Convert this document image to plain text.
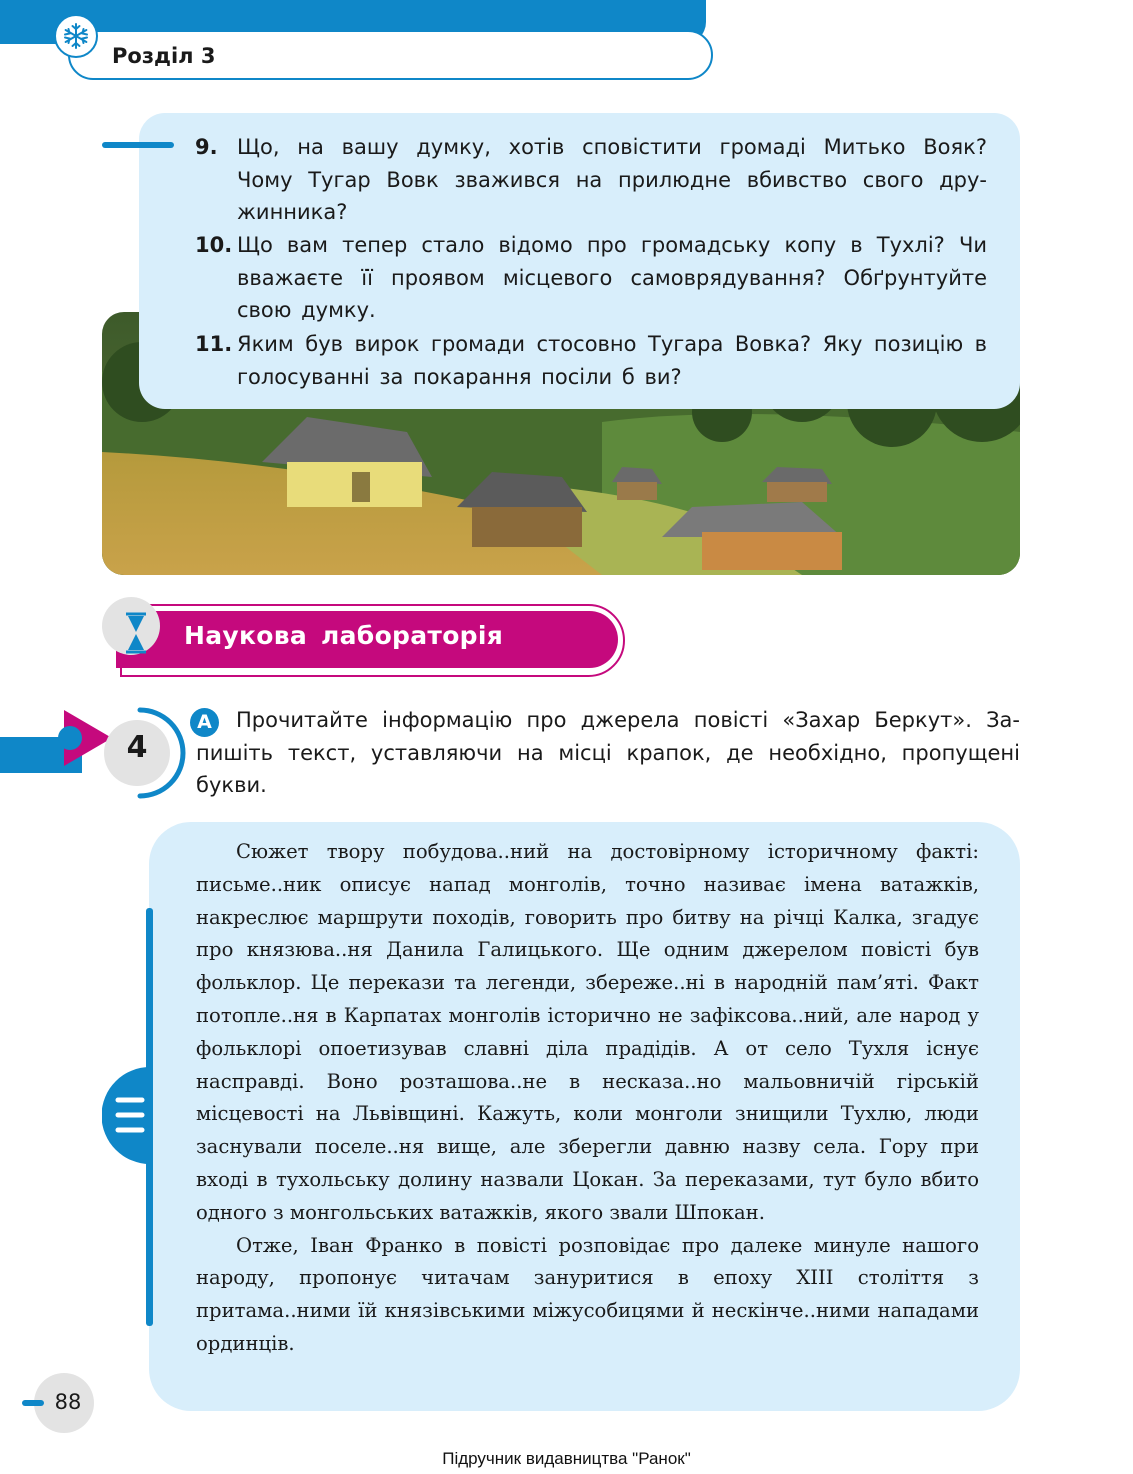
Розділ 3
9. Що, на вашу думку, хотів сповістити громаді Митько Вояк? Чому Тугар Вовк зважився на прилюдне вбивство свого дружинника?
10. Що вам тепер стало відомо про громадську копу в Тухлі? Чи вважаєте її проявом місцевого самоврядування? Обґрунтуйте свою думку.
11. Яким був вирок громади стосовно Тугара Вовка? Яку позицію в голосуванні за покарання посіли б ви?
Наукова лабораторія
4
A	Прочитайте інформацію про джерела повісті «Захар Беркут». Запишіть текст, уставляючи на місці крапок, де необхідно, пропущені букви.

Сюжет твору побудова..ний на достовірному історичному факті: письме..ник описує напад монголів, точно називає імена ватажків, накреслює маршрути походів, говорить про битву на річці Калка, згадує про князюва..ня Данила Галицького. Ще одним джерелом повісті був фольклор. Це перекази та легенди, збереже..ні в народній пам’яті. Факт потопле..ня в Карпатах монголів історично не зафіксова..ний, але народ у фольклорі опоетизував славні діла прадідів. А от село Тухля існує насправді. Воно розташова..не в несказа..но мальовничій гірській місцевості на Львівщині. Кажуть, коли монголи знищили Тухлю, люди заснували поселе..ня вище, але зберегли давню назву села. Гору при вході в тухольську долину назвали Цокан. За переказами, тут було вбито одного з монгольських ватажків, якого звали Шпокан.

Отже, Іван Франко в повісті розповідає про далеке минуле нашого народу, пропонує читачам зануритися в епоху XIII століття з притама..ними їй князівськими міжусобицями й нескінче..ними нападами ординців.

88
Підручник видавництва "Ранок"
